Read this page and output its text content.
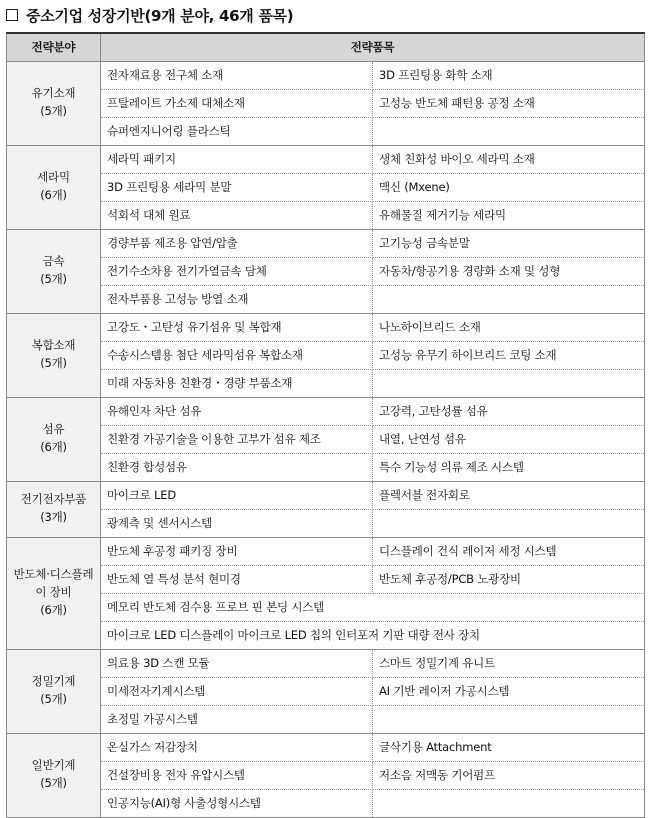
중소기업 성장기반(9개 분야, 46개 품목)
전략분야	전략품목	

유기소재
(5개)	전자재료용 전구체 소재	3D 프린팅용 화학 소재
	프탈레이트 가소제 대체소재	고성능 반도체 패턴용 공정 소재
	슈퍼엔지니어링 플라스틱	

세라믹
(6개)	세라믹 패키지	생체 친화성 바이오 세라믹 소재
	3D 프린팅용 세라믹 분말	맥신 (Mxene)
	석회석 대체 원료	유해물질 제거기능 세라믹

금속
(5개)	경량부품 제조용 압연/압출	고기능성 금속분말
	전기수소차용 전기가열금속 담체	자동차/항공기용 경량화 소재 및 성형
	전자부품용 고성능 방열 소재	

복합소재
(5개)	고강도・고탄성 유기섬유 및 복합재	나노하이브리드 소재
	수송시스템용 첨단 세라믹섬유 복합소재	고성능 유무기 하이브리드 코팅 소재
	미래 자동차용 친환경・경량 부품소재	

섬유
(6개)	유해인자 차단 섬유	고강력, 고탄성률 섬유
	친환경 가공기술을 이용한 고부가 섬유 제조	내열, 난연성 섬유
	친환경 합성섬유	특수 기능성 의류 제조 시스템

전기전자부품
(3개)	마이크로 LED	플렉서블 전자회로
	광계측 및 센서시스템	

반도체·디스플레이 장비
(6개)	반도체 후공정 패키징 장비	디스플레이 건식 레이저 세정 시스템
	반도체 열 특성 분석 현미경	반도체 후공정/PCB 노광장비
	메모리 반도체 검수용 프로브 핀 본딩 시스템	
	마이크로 LED 디스플레이 마이크로 LED 칩의 인터포저 기판 대량 전사 장치	

정밀기계
(5개)	의료용 3D 스캔 모듈	스마트 정밀기계 유니트
	미세전자기계시스템	AI 기반 레이저 가공시스템
	초정밀 가공시스템	

일반기계
(5개)	온실가스 저감장치	글삭기용 Attachment
	건설장비용 전자 유압시스템	저소음 저맥동 기어펌프
	인공지능(AI)형 사출성형시스템	
